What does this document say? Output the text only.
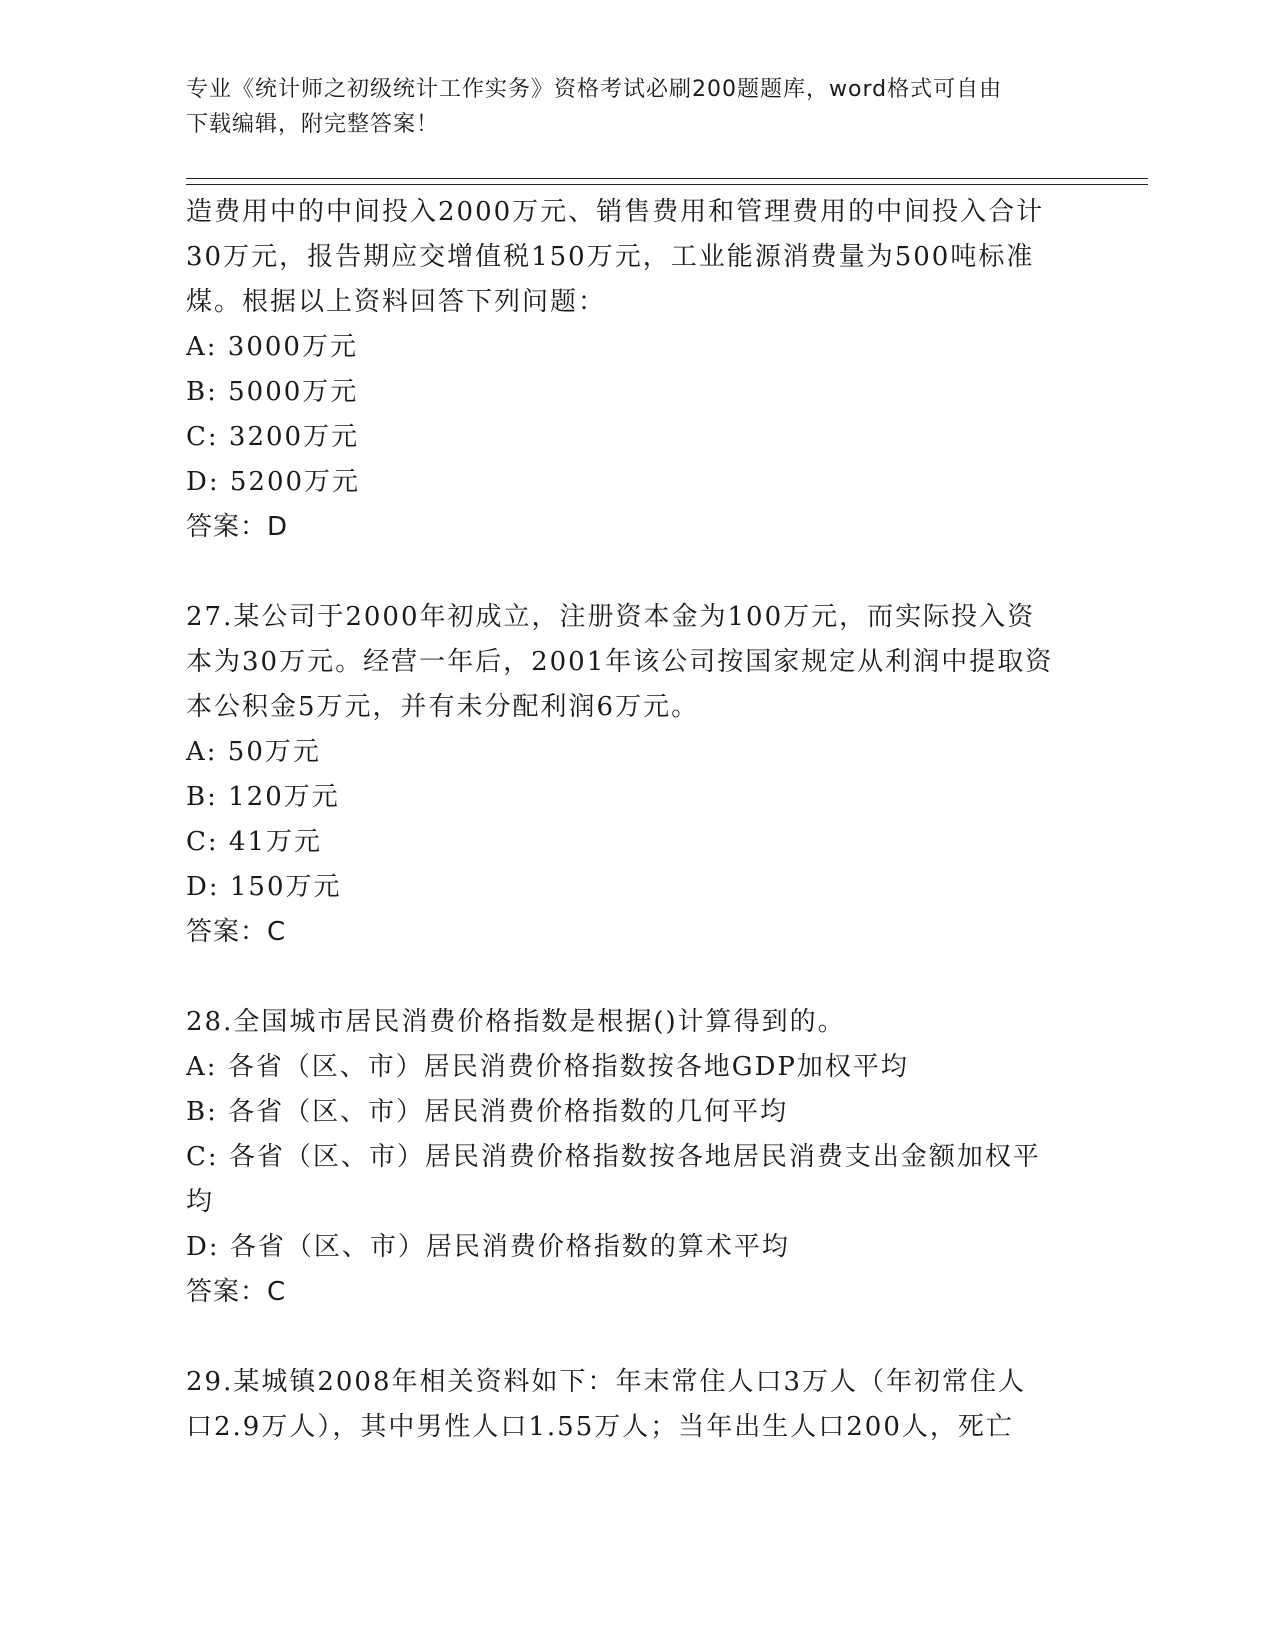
专业《统计师之初级统计工作实务》资格考试必刷200题题库，word格式可自由
下载编辑，附完整答案！

造费用中的中间投入2000万元、销售费用和管理费用的中间投入合计

30万元，报告期应交增值税150万元，工业能源消费量为500吨标准

煤。根据以上资料回答下列问题：

A: 3000万元

B: 5000万元

C: 3200万元

D: 5200万元

答案：D

27.某公司于2000年初成立，注册资本金为100万元，而实际投入资

本为30万元。经营一年后，2001年该公司按国家规定从利润中提取资

本公积金5万元，并有未分配利润6万元。

A: 50万元

B: 120万元

C: 41万元

D: 150万元

答案：C

28.全国城市居民消费价格指数是根据()计算得到的。

A: 各省（区、市）居民消费价格指数按各地GDP加权平均

B: 各省（区、市）居民消费价格指数的几何平均

C: 各省（区、市）居民消费价格指数按各地居民消费支出金额加权平

均

D: 各省（区、市）居民消费价格指数的算术平均

答案：C

29.某城镇2008年相关资料如下：年末常住人口3万人（年初常住人

口2.9万人），其中男性人口1.55万人；当年出生人口200人，死亡
